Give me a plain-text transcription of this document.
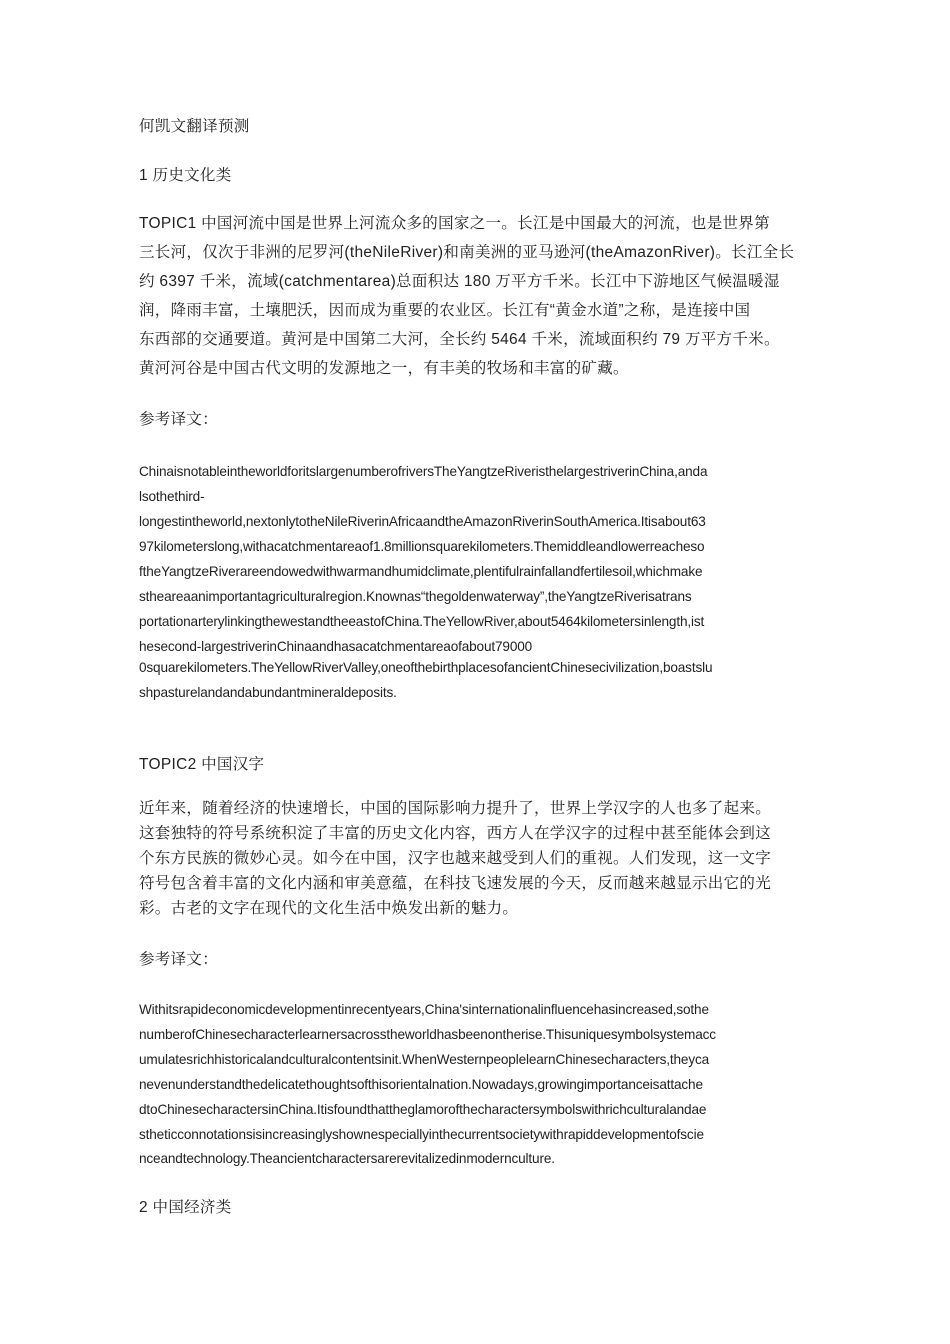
何凯文翻译预测
1 历史文化类
TOPIC1 中国河流中国是世界上河流众多的国家之一。长江是中国最大的河流，也是世界第
三长河，仅次于非洲的尼罗河(theNileRiver)和南美洲的亚马逊河(theAmazonRiver)。长江全长
约 6397 千米，流域(catchmentarea)总面积达 180 万平方千米。长江中下游地区气候温暖湿
润，降雨丰富，土壤肥沃，因而成为重要的农业区。长江有“黄金水道”之称，是连接中国
东西部的交通要道。黄河是中国第二大河，全长约 5464 千米，流域面积约 79 万平方千米。
黄河河谷是中国古代文明的发源地之一，有丰美的牧场和丰富的矿藏。
参考译文：
ChinaisnotableintheworldforitslargenumberofriversTheYangtzeRiveristhelargestriverinChina,anda
lsothethird-
longestintheworld,nextonlytotheNileRiverinAfricaandtheAmazonRiverinSouthAmerica.Itisabout63
97kilometerslong,withacatchmentareaof1.8millionsquarekilometers.Themiddleandlowerreacheso
ftheYangtzeRiverareendowedwithwarmandhumidclimate,plentifulrainfallandfertilesoil,whichmake
stheareaanimportantagriculturalregion.Knownas“thegoldenwaterway”,theYangtzeRiverisatrans
portationarterylinkingthewestandtheeastofChina.TheYellowRiver,about5464kilometersinlength,ist
hesecond-largestriverinChinaandhasacatchmentareaofabout79000
0squarekilometers.TheYellowRiverValley,oneofthebirthplacesofancientChinesecivilization,boastslu
shpasturelandandabundantmineraldeposits.
TOPIC2 中国汉字
近年来，随着经济的快速增长，中国的国际影响力提升了，世界上学汉字的人也多了起来。
这套独特的符号系统积淀了丰富的历史文化内容，西方人在学汉字的过程中甚至能体会到这
个东方民族的微妙心灵。如今在中国，汉字也越来越受到人们的重视。人们发现，这一文字
符号包含着丰富的文化内涵和审美意蕴，在科技飞速发展的今天，反而越来越显示出它的光
彩。古老的文字在现代的文化生活中焕发出新的魅力。
参考译文：
Withitsrapideconomicdevelopmentinrecentyears,China'sinternationalinfluencehasincreased,sothe
numberofChinesecharacterlearnersacrosstheworldhasbeenontherise.Thisuniquesymbolsystemacc
umulatesrichhistoricalandculturalcontentsinit.WhenWesternpeoplelearnChinesecharacters,theyca
nevenunderstandthedelicatethoughtsofthisorientalnation.Nowadays,growingimportanceisattache
dtoChinesecharactersinChina.Itisfoundthattheglamorofthecharactersymbolswithrichculturalandae
stheticconnotationsisincreasinglyshownespeciallyinthecurrentsocietywithrapiddevelopmentofscie
nceandtechnology.Theancientcharactersarerevitalizedinmodernculture.
2 中国经济类
